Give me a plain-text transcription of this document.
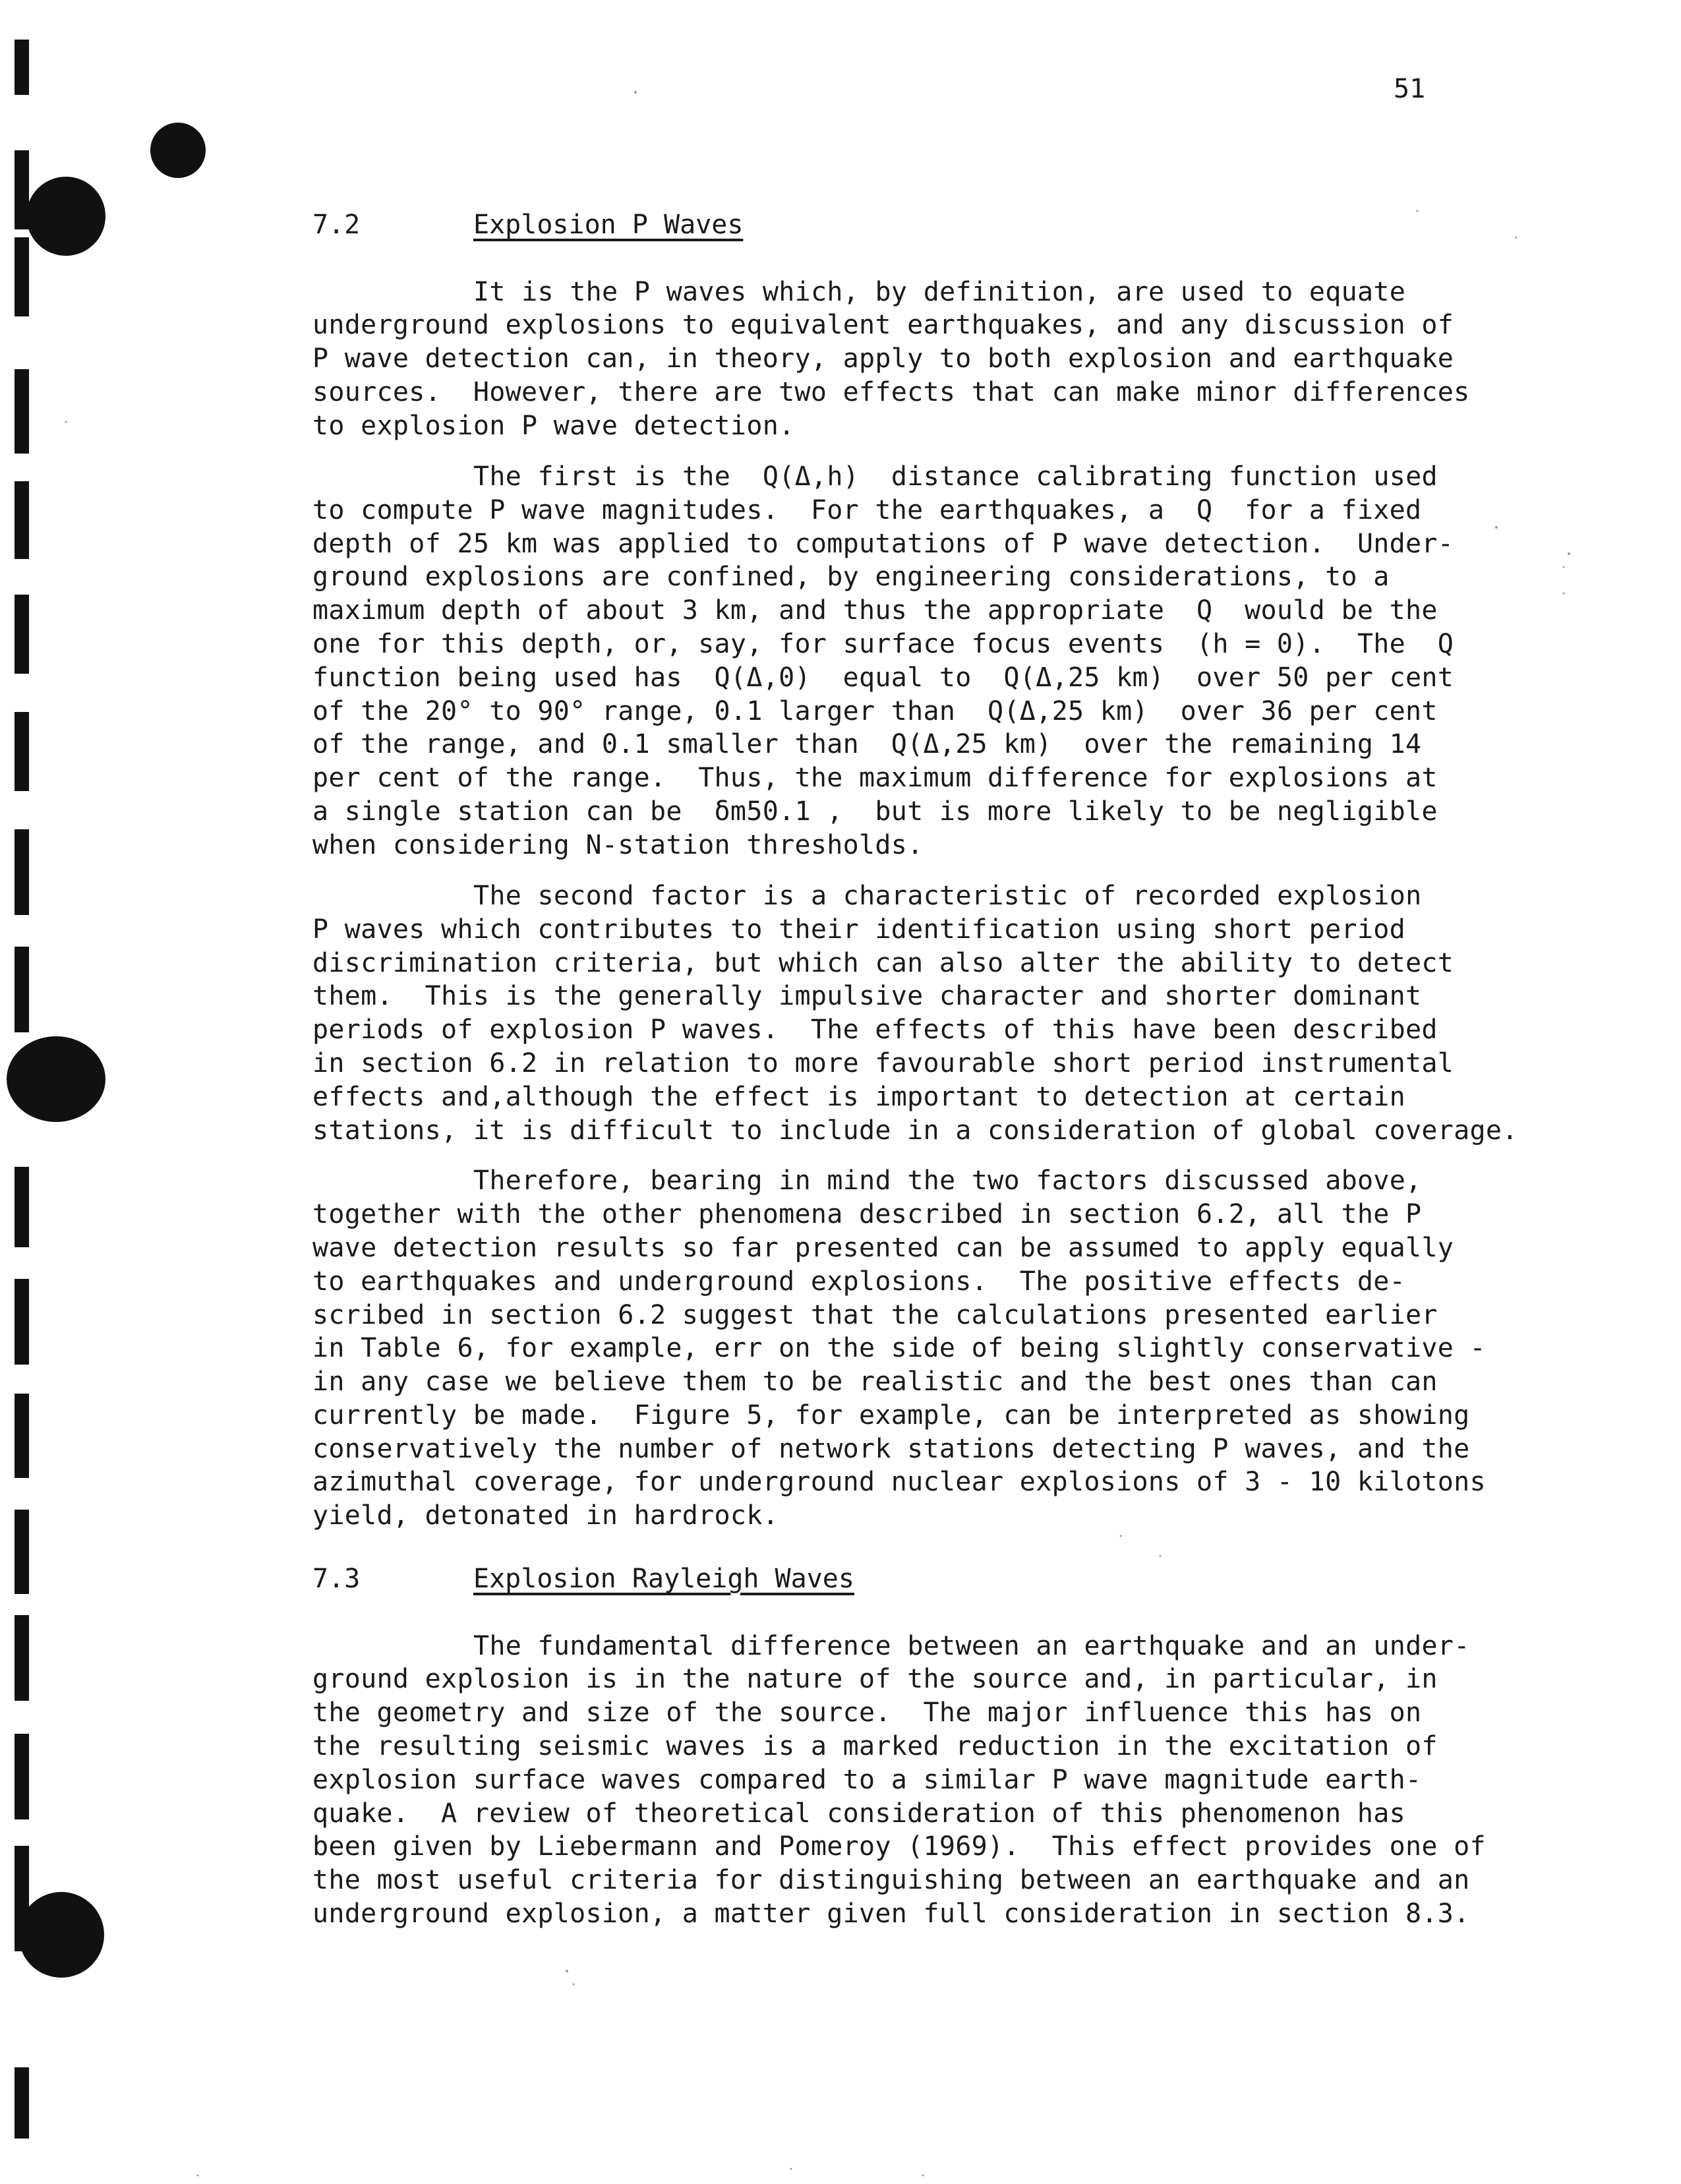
51
7.2	Explosion P Waves
It is the P waves which, by definition, are used to equate
underground explosions to equivalent earthquakes, and any discussion of
P wave detection can, in theory, apply to both explosion and earthquake
sources.  However, there are two effects that can make minor differences
to explosion P wave detection.
The first is the  Q(Δ,h)  distance calibrating function used
to compute P wave magnitudes.  For the earthquakes, a  Q  for a fixed
depth of 25 km was applied to computations of P wave detection.  Under-
ground explosions are confined, by engineering considerations, to a
maximum depth of about 3 km, and thus the appropriate  Q  would be the
one for this depth, or, say, for surface focus events  (h = 0).  The  Q
function being used has  Q(Δ,0)  equal to  Q(Δ,25 km)  over 50 per cent
of the 20° to 90° range, 0.1 larger than  Q(Δ,25 km)  over 36 per cent
of the range, and 0.1 smaller than  Q(Δ,25 km)  over the remaining 14
per cent of the range.  Thus, the maximum difference for explosions at
a single station can be  δm50.1 ,  but is more likely to be negligible
when considering N-station thresholds.
The second factor is a characteristic of recorded explosion
P waves which contributes to their identification using short period
discrimination criteria, but which can also alter the ability to detect
them.  This is the generally impulsive character and shorter dominant
periods of explosion P waves.  The effects of this have been described
in section 6.2 in relation to more favourable short period instrumental
effects and,although the effect is important to detection at certain
stations, it is difficult to include in a consideration of global coverage.
Therefore, bearing in mind the two factors discussed above,
together with the other phenomena described in section 6.2, all the P
wave detection results so far presented can be assumed to apply equally
to earthquakes and underground explosions.  The positive effects de-
scribed in section 6.2 suggest that the calculations presented earlier
in Table 6, for example, err on the side of being slightly conservative -
in any case we believe them to be realistic and the best ones than can
currently be made.  Figure 5, for example, can be interpreted as showing
conservatively the number of network stations detecting P waves, and the
azimuthal coverage, for underground nuclear explosions of 3 - 10 kilotons
yield, detonated in hardrock.
7.3	Explosion Rayleigh Waves
The fundamental difference between an earthquake and an under-
ground explosion is in the nature of the source and, in particular, in
the geometry and size of the source.  The major influence this has on
the resulting seismic waves is a marked reduction in the excitation of
explosion surface waves compared to a similar P wave magnitude earth-
quake.  A review of theoretical consideration of this phenomenon has
been given by Liebermann and Pomeroy (1969).  This effect provides one of
the most useful criteria for distinguishing between an earthquake and an
underground explosion, a matter given full consideration in section 8.3.
